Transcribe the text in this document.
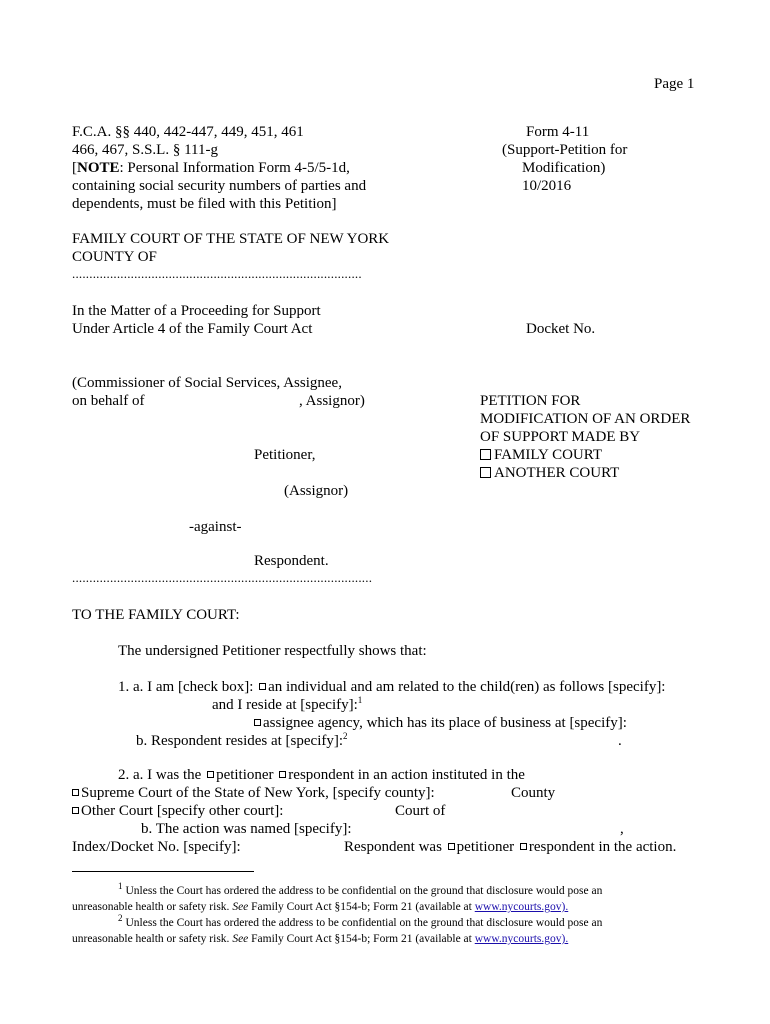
Page 1
F.C.A. §§ 440, 442-447, 449, 451, 461
466, 467, S.S.L. § 111-g
[NOTE: Personal Information Form 4-5/5-1d,
containing social security numbers of parties and
dependents, must be filed with this Petition]
Form 4-11
(Support-Petition for
Modification)
10/2016
FAMILY COURT OF THE STATE OF NEW YORK
COUNTY OF
....................................................................................
In the Matter of a Proceeding for Support
Under Article 4 of the Family Court Act	Docket No.
(Commissioner of Social Services, Assignee,
on behalf of	, Assignor)
Petitioner,
(Assignor)
-against-
Respondent.
.......................................................................................
PETITION FOR
MODIFICATION OF AN ORDER
OF SUPPORT MADE BY
FAMILY COURT
ANOTHER COURT
TO THE FAMILY COURT:
The undersigned Petitioner respectfully shows that:
1. a. I am [check box]: an individual and am related to the child(ren) as follows [specify]:
and I reside at [specify]:$^1$
assignee agency, which has its place of business at [specify]:
b. Respondent resides at [specify]:$^2$	.
2. a. I was the petitioner respondent in an action instituted in the
Supreme Court of the State of New York, [specify county]:	County
Other Court [specify other court]:	Court of
b. The action was named [specify]:	,
Index/Docket No. [specify]:	Respondent was petitioner respondent in the action.
$^1$ Unless the Court has ordered the address to be confidential on the ground that disclosure would pose an
unreasonable health or safety risk. See Family Court Act §154-b; Form 21 (available at www.nycourts.gov).
$^2$ Unless the Court has ordered the address to be confidential on the ground that disclosure would pose an
unreasonable health or safety risk. See Family Court Act §154-b; Form 21 (available at www.nycourts.gov).
